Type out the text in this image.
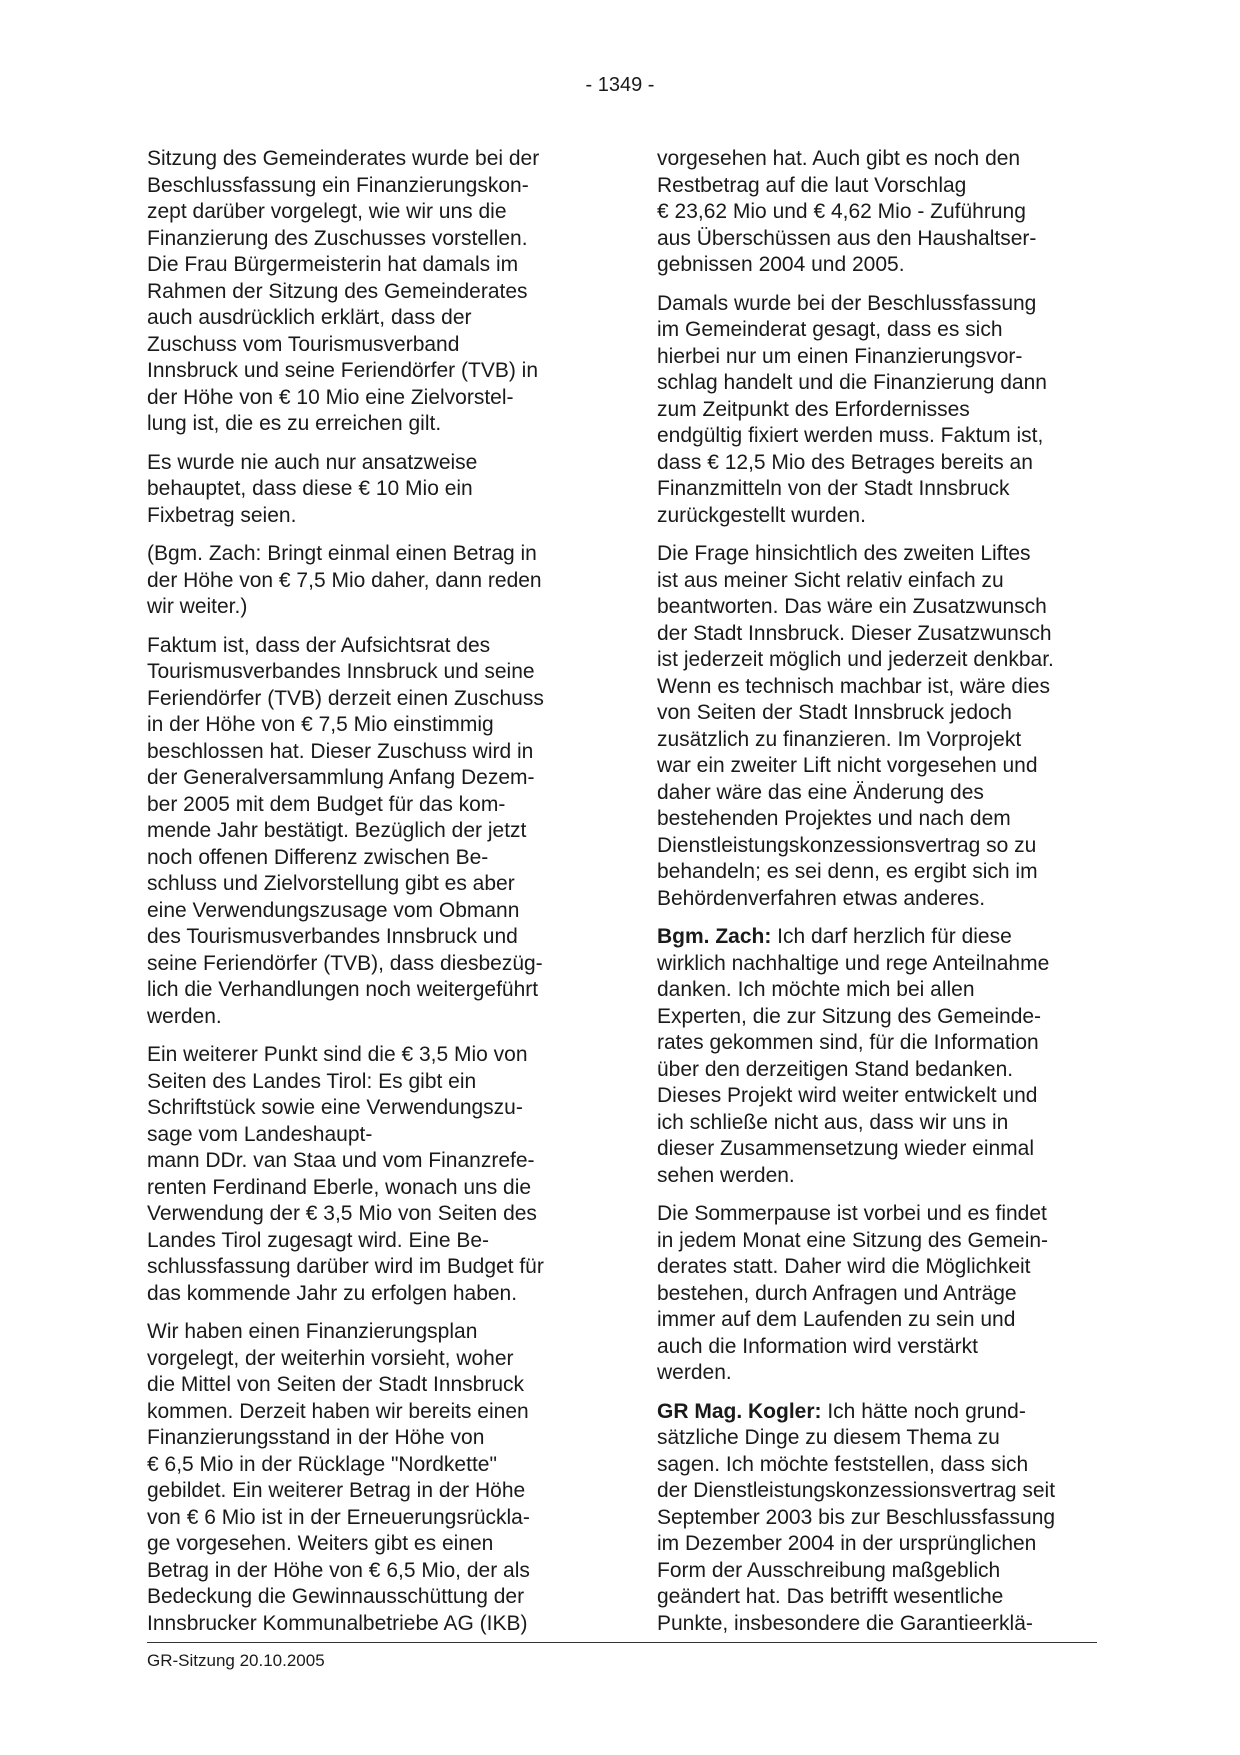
- 1349 -

Sitzung des Gemeinderates wurde bei der
Beschlussfassung ein Finanzierungskon-
zept darüber vorgelegt, wie wir uns die
Finanzierung des Zuschusses vorstellen.
Die Frau Bürgermeisterin hat damals im
Rahmen der Sitzung des Gemeinderates
auch ausdrücklich erklärt, dass der
Zuschuss vom Tourismusverband
Innsbruck und seine Feriendörfer (TVB) in
der Höhe von € 10 Mio eine Zielvorstel-
lung ist, die es zu erreichen gilt.

Es wurde nie auch nur ansatzweise
behauptet, dass diese € 10 Mio ein
Fixbetrag seien.

(Bgm. Zach: Bringt einmal einen Betrag in
der Höhe von € 7,5 Mio daher, dann reden
wir weiter.)

Faktum ist, dass der Aufsichtsrat des
Tourismusverbandes Innsbruck und seine
Feriendörfer (TVB) derzeit einen Zuschuss
in der Höhe von € 7,5 Mio einstimmig
beschlossen hat. Dieser Zuschuss wird in
der Generalversammlung Anfang Dezem-
ber 2005 mit dem Budget für das kom-
mende Jahr bestätigt. Bezüglich der jetzt
noch offenen Differenz zwischen Be-
schluss und Zielvorstellung gibt es aber
eine Verwendungszusage vom Obmann
des Tourismusverbandes Innsbruck und
seine Feriendörfer (TVB), dass diesbezüg-
lich die Verhandlungen noch weitergeführt
werden.

Ein weiterer Punkt sind die € 3,5 Mio von
Seiten des Landes Tirol: Es gibt ein
Schriftstück sowie eine Verwendungszu-
sage vom Landeshaupt-
mann DDr. van Staa und vom Finanzrefe-
renten Ferdinand Eberle, wonach uns die
Verwendung der € 3,5 Mio von Seiten des
Landes Tirol zugesagt wird. Eine Be-
schlussfassung darüber wird im Budget für
das kommende Jahr zu erfolgen haben.

Wir haben einen Finanzierungsplan
vorgelegt, der weiterhin vorsieht, woher
die Mittel von Seiten der Stadt Innsbruck
kommen. Derzeit haben wir bereits einen
Finanzierungsstand in der Höhe von
€ 6,5 Mio in der Rücklage "Nordkette"
gebildet. Ein weiterer Betrag in der Höhe
von € 6 Mio ist in der Erneuerungsrückla-
ge vorgesehen. Weiters gibt es einen
Betrag in der Höhe von € 6,5 Mio, der als
Bedeckung die Gewinnausschüttung der
Innsbrucker Kommunalbetriebe AG (IKB)

vorgesehen hat. Auch gibt es noch den
Restbetrag auf die laut Vorschlag
€ 23,62 Mio und € 4,62 Mio - Zuführung
aus Überschüssen aus den Haushaltser-
gebnissen 2004 und 2005.

Damals wurde bei der Beschlussfassung
im Gemeinderat gesagt, dass es sich
hierbei nur um einen Finanzierungsvor-
schlag handelt und die Finanzierung dann
zum Zeitpunkt des Erfordernisses
endgültig fixiert werden muss. Faktum ist,
dass € 12,5 Mio des Betrages bereits an
Finanzmitteln von der Stadt Innsbruck
zurückgestellt wurden.

Die Frage hinsichtlich des zweiten Liftes
ist aus meiner Sicht relativ einfach zu
beantworten. Das wäre ein Zusatzwunsch
der Stadt Innsbruck. Dieser Zusatzwunsch
ist jederzeit möglich und jederzeit denkbar.
Wenn es technisch machbar ist, wäre dies
von Seiten der Stadt Innsbruck jedoch
zusätzlich zu finanzieren. Im Vorprojekt
war ein zweiter Lift nicht vorgesehen und
daher wäre das eine Änderung des
bestehenden Projektes und nach dem
Dienstleistungskonzessionsvertrag so zu
behandeln; es sei denn, es ergibt sich im
Behördenverfahren etwas anderes.

Bgm. Zach: Ich darf herzlich für diese
wirklich nachhaltige und rege Anteilnahme
danken. Ich möchte mich bei allen
Experten, die zur Sitzung des Gemeinde-
rates gekommen sind, für die Information
über den derzeitigen Stand bedanken.
Dieses Projekt wird weiter entwickelt und
ich schließe nicht aus, dass wir uns in
dieser Zusammensetzung wieder einmal
sehen werden.

Die Sommerpause ist vorbei und es findet
in jedem Monat eine Sitzung des Gemein-
derates statt. Daher wird die Möglichkeit
bestehen, durch Anfragen und Anträge
immer auf dem Laufenden zu sein und
auch die Information wird verstärkt
werden.

GR Mag. Kogler: Ich hätte noch grund-
sätzliche Dinge zu diesem Thema zu
sagen. Ich möchte feststellen, dass sich
der Dienstleistungskonzessionsvertrag seit
September 2003 bis zur Beschlussfassung
im Dezember 2004 in der ursprünglichen
Form der Ausschreibung maßgeblich
geändert hat. Das betrifft wesentliche
Punkte, insbesondere die Garantieerklä-

GR-Sitzung 20.10.2005
